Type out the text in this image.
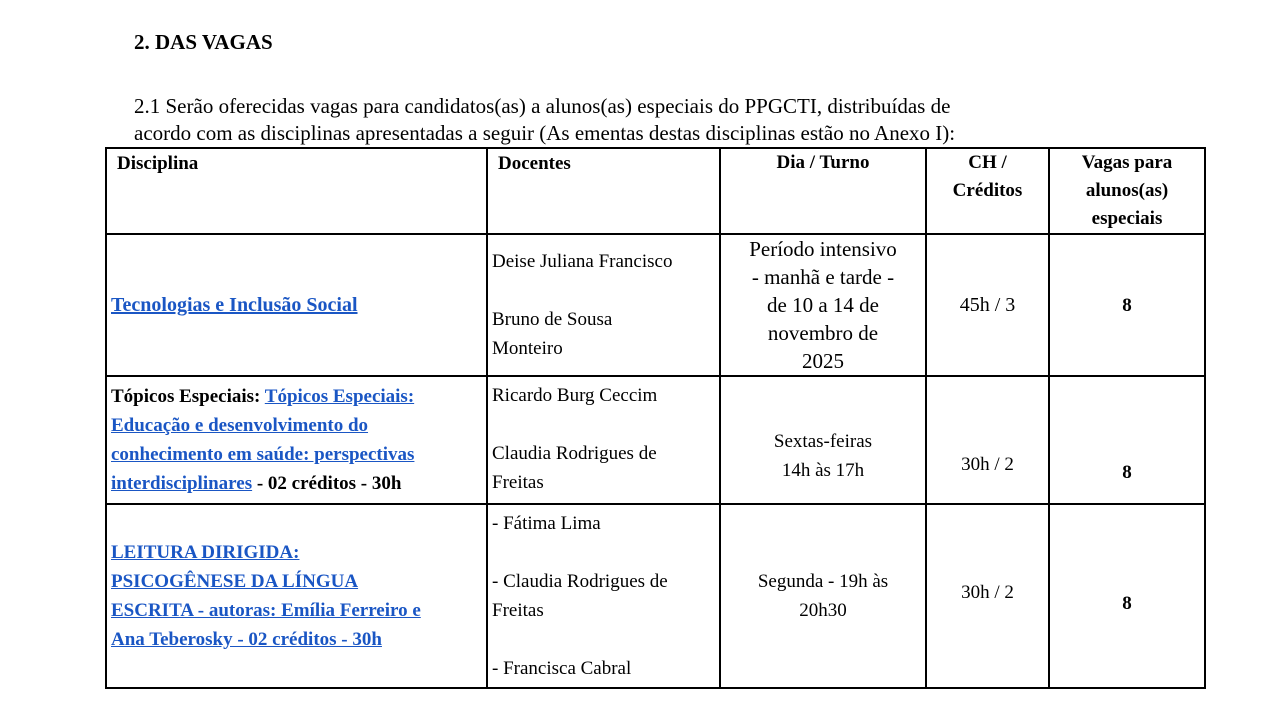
2. DAS VAGAS

2.1 Serão oferecidas vagas para candidatos(as) a alunos(as) especiais do PPGCTI, distribuídas de
acordo com as disciplinas apresentadas a seguir (As ementas destas disciplinas estão no Anexo I):

Disciplina	Docentes	Dia / Turno	CH /
Créditos	Vagas para
alunos(as)
especiais

Tecnologias e Inclusão Social	Deise Juliana Francisco
Bruno de Sousa
Monteiro	Período intensivo
- manhã e tarde -
de 10 a 14 de
novembro de
2025	45h / 3	8
Tópicos Especiais: Tópicos Especiais:
Educação e desenvolvimento do
conhecimento em saúde: perspectivas
interdisciplinares - 02 créditos - 30h	Ricardo Burg Ceccim
Claudia Rodrigues de
Freitas	Sextas-feiras
14h às 17h	30h / 2	8
LEITURA DIRIGIDA:
PSICOGÊNESE DA LÍNGUA
ESCRITA - autoras: Emília Ferreiro e
Ana Teberosky - 02 créditos - 30h	- Fátima Lima
- Claudia Rodrigues de
Freitas
- Francisca Cabral	Segunda - 19h às
20h30	30h / 2	8
